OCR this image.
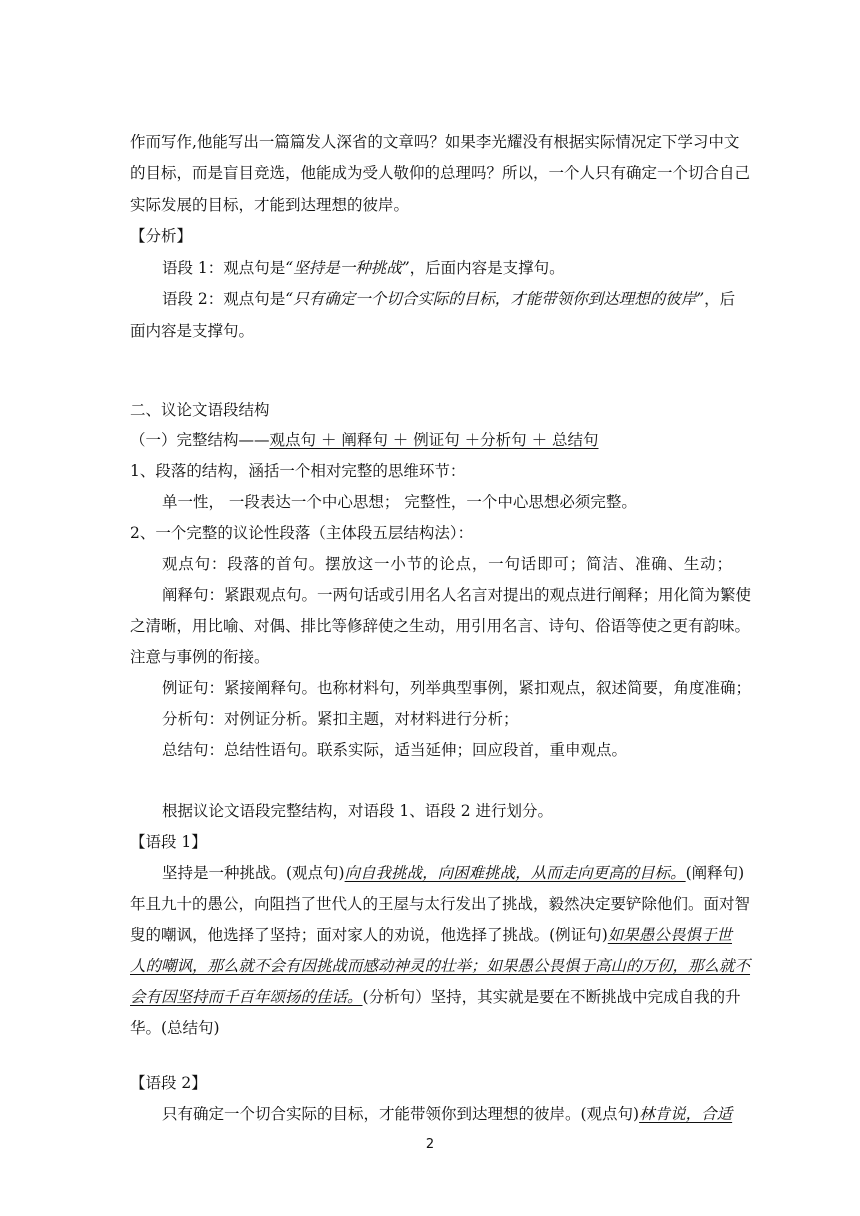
作而写作,他能写出一篇篇发人深省的文章吗？如果李光耀没有根据实际情况定下学习中文
的目标，而是盲目竞选，他能成为受人敬仰的总理吗？所以，一个人只有确定一个切合自己
实际发展的目标，才能到达理想的彼岸。
【分析】
语段 1：观点句是“坚持是一种挑战”，后面内容是支撑句。
语段 2：观点句是“只有确定一个切合实际的目标，才能带领你到达理想的彼岸”，后
面内容是支撑句。
二、议论文语段结构
（一）完整结构——观点句 ＋ 阐释句 ＋ 例证句 ＋分析句 ＋ 总结句
1、段落的结构，涵括一个相对完整的思维环节：
单一性， 一段表达一个中心思想； 完整性，一个中心思想必须完整。
2、一个完整的议论性段落（主体段五层结构法）：
观点句：段落的首句。摆放这一小节的论点，一句话即可；简洁、准确、生动；
阐释句：紧跟观点句。一两句话或引用名人名言对提出的观点进行阐释；用化简为繁使
之清晰，用比喻、对偶、排比等修辞使之生动，用引用名言、诗句、俗语等使之更有韵味。
注意与事例的衔接。
例证句：紧接阐释句。也称材料句，列举典型事例，紧扣观点，叙述简要，角度准确；
分析句：对例证分析。紧扣主题，对材料进行分析；
总结句：总结性语句。联系实际，适当延伸；回应段首，重申观点。
根据议论文语段完整结构，对语段 1、语段 2 进行划分。
【语段 1】
坚持是一种挑战。(观点句)向自我挑战，向困难挑战，从而走向更高的目标。(阐释句)
年且九十的愚公，向阻挡了世代人的王屋与太行发出了挑战，毅然决定要铲除他们。面对智
叟的嘲讽，他选择了坚持；面对家人的劝说，他选择了挑战。(例证句)如果愚公畏惧于世
人的嘲讽，那么就不会有因挑战而感动神灵的壮举；如果愚公畏惧于高山的万仞，那么就不
会有因坚持而千百年颂扬的佳话。(分析句）坚持，其实就是要在不断挑战中完成自我的升
华。(总结句)
【语段 2】
只有确定一个切合实际的目标，才能带领你到达理想的彼岸。(观点句)林肯说，合适
2
